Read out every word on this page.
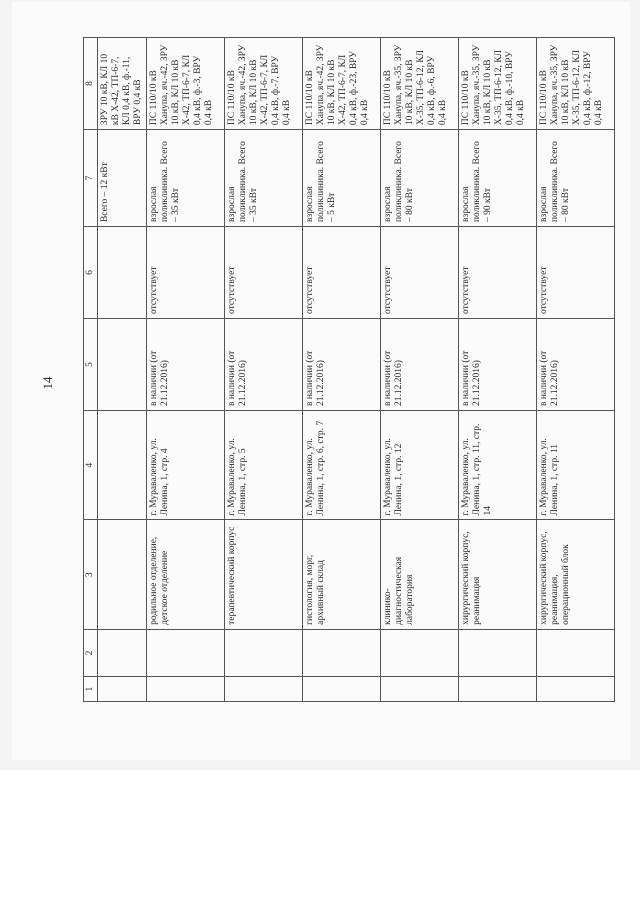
14
1	2	3	4	5	6	7	8
						Всего – 12 кВт	ЗРУ 10 кВ, КЛ 10 кВ Х-42, ТП-6-7, КЛ 0,4 кВ, ф.-11, ВРУ 0,4 кВ
		родильное отделение, детское отделение	г. Мураваленко, ул. Ленина, 1, стр. 4	в наличии (от 21.12.2016)	отсутствует	взрослая поликлиника. Всего – 35 кВт	ПС 110/10 кВ Ханупа, яч.-42, ЗРУ 10 кВ, КЛ 10 кВ Х-42, ТП-6-7, КЛ 0,4 кВ, ф.-3, ВРУ 0,4 кВ
		терапевтический корпус	г. Мураваленко, ул. Ленина, 1, стр. 5	в наличии (от 21.12.2016)	отсутствует	взрослая поликлиника. Всего – 35 кВт	ПС 110/10 кВ Ханупа, яч.-42, ЗРУ 10 кВ, КЛ 10 кВ Х-42, ТП-6-7, КЛ 0,4 кВ, ф.-7, ВРУ 0,4 кВ
		гистология, морг, архивный склад	г. Мураваленко, ул. Ленина, 1, стр. 6, стр. 7	в наличии (от 21.12.2016)	отсутствует	взрослая поликлиника. Всего – 5 кВт	ПС 110/10 кВ Ханупа, яч.-42, ЗРУ 10 кВ, КЛ 10 кВ Х-42, ТП-6-7, КЛ 0,4 кВ, ф.-23, ВРУ 0,4 кВ
		клинико-диагностическая лаборатория	г. Мураваленко, ул. Ленина, 1, стр. 12	в наличии (от 21.12.2016)	отсутствует	взрослая поликлиника. Всего – 80 кВт	ПС 110/10 кВ Ханупа, яч.-35, ЗРУ 10 кВ, КЛ 10 кВ Х-35, ТП-6-12, КЛ 0,4 кВ, ф.-6, ВРУ 0,4 кВ
		хирургический корпус, реанимация	г. Мураваленко, ул. Ленина, 1, стр. 11, стр. 14	в наличии (от 21.12.2016)	отсутствует	взрослая поликлиника. Всего – 90 кВт	ПС 110/10 кВ Ханупа, яч.-35, ЗРУ 10 кВ, КЛ 10 кВ Х-35, ТП-6-12, КЛ 0,4 кВ, ф.-10, ВРУ 0,4 кВ
		хирургический корпус, реанимация, операционный блок	г. Мураваленко, ул. Ленина, 1, стр. 11	в наличии (от 21.12.2016)	отсутствует	взрослая поликлиника. Всего – 80 кВт	ПС 110/10 кВ Ханупа, яч.-35, ЗРУ 10 кВ, КЛ 10 кВ Х-35, ТП-6-12, КЛ 0,4 кВ, ф.-12, ВРУ 0,4 кВ
